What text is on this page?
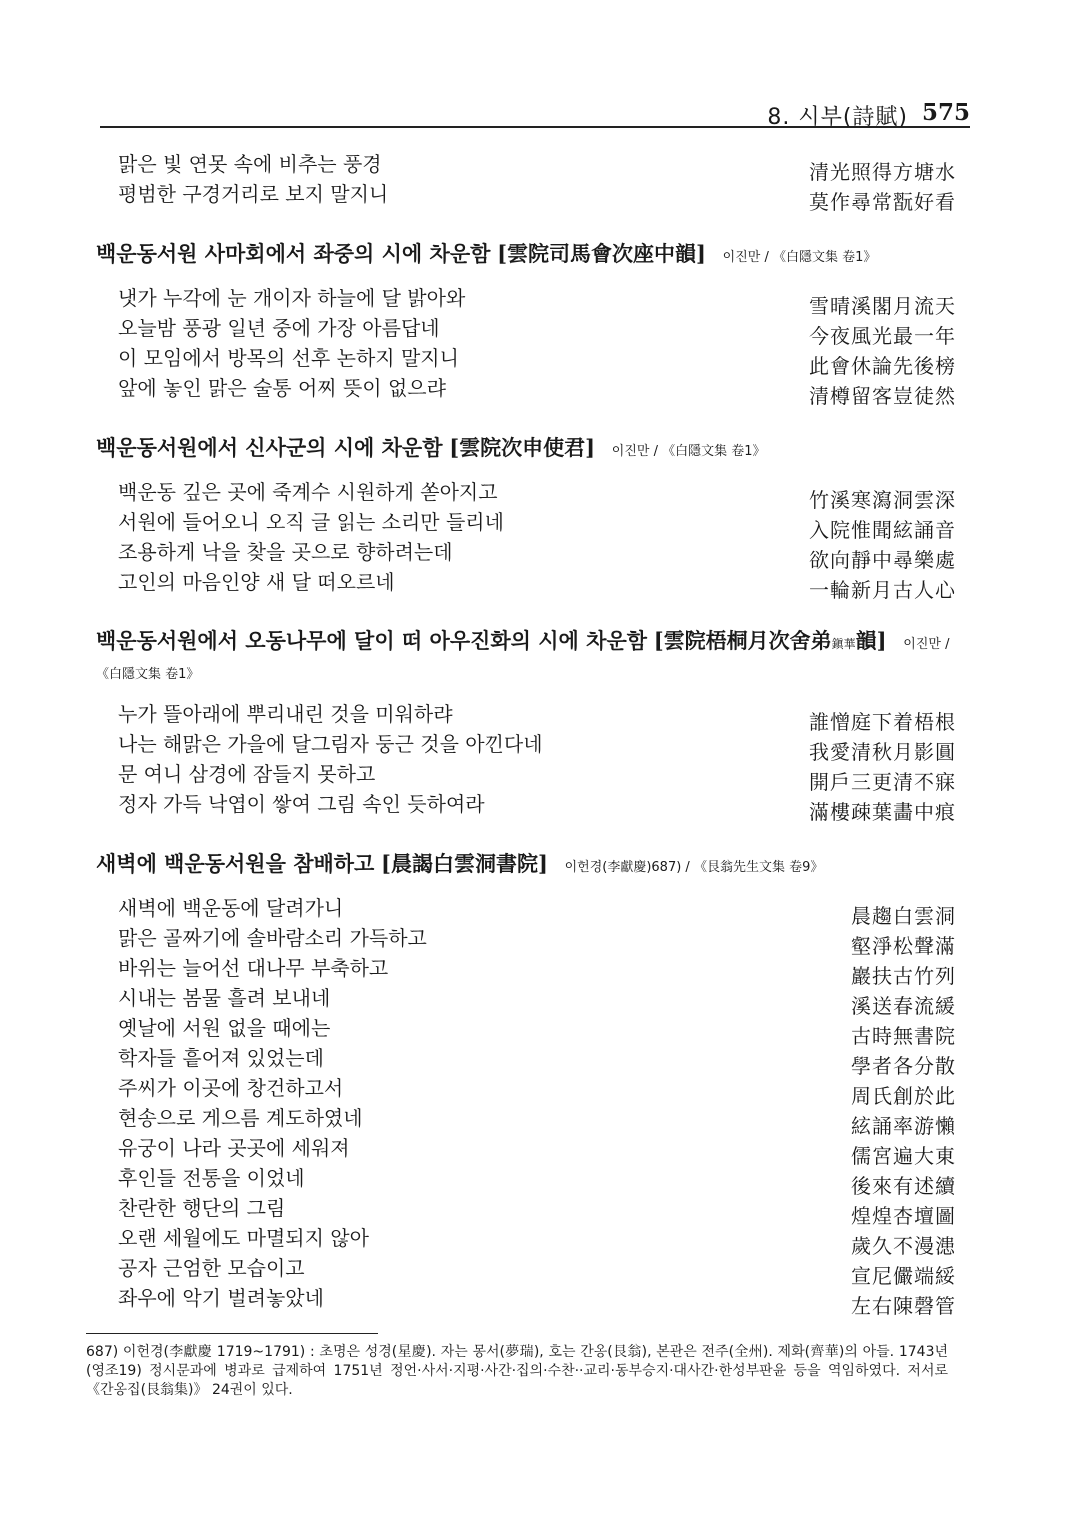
8. 시부(詩賦) 575
맑은 빛 연못 속에 비추는 풍경	清光照得方塘水
평범한 구경거리로 보지 말지니	莫作尋常翫好看
백운동서원 사마회에서 좌중의 시에 차운함 [雲院司馬會次座中韻] 이진만 / 《白隱文集 卷1》
냇가 누각에 눈 개이자 하늘에 달 밝아와	雪晴溪閣月流天
오늘밤 풍광 일년 중에 가장 아름답네	今夜風光最一年
이 모임에서 방목의 선후 논하지 말지니	此會休論先後榜
앞에 놓인 맑은 술통 어찌 뜻이 없으랴	清樽留客豈徒然
백운동서원에서 신사군의 시에 차운함 [雲院次申使君] 이진만 / 《白隱文集 卷1》
백운동 깊은 곳에 죽계수 시원하게 쏟아지고	竹溪寒瀉洞雲深
서원에 들어오니 오직 글 읽는 소리만 들리네	入院惟聞絃誦音
조용하게 낙을 찾을 곳으로 향하려는데	欲向靜中尋樂處
고인의 마음인양 새 달 떠오르네	一輪新月古人心
백운동서원에서 오동나무에 달이 떠 아우진화의 시에 차운함 [雲院梧桐月次舍弟鎭華韻] 이진만 / 《白隱文集 卷1》
누가 뜰아래에 뿌리내린 것을 미워하랴	誰憎庭下着梧根
나는 해맑은 가을에 달그림자 둥근 것을 아낀다네	我愛清秋月影圓
문 여니 삼경에 잠들지 못하고	開戶三更清不寐
정자 가득 낙엽이 쌓여 그림 속인 듯하여라	滿樓疎葉畵中痕
새벽에 백운동서원을 참배하고 [晨謁白雲洞書院] 이헌경(李獻慶)687) / 《艮翁先生文集 卷9》
새벽에 백운동에 달려가니	晨趨白雲洞
맑은 골짜기에 솔바람소리 가득하고	壑淨松聲滿
바위는 늘어선 대나무 부축하고	巖扶古竹列
시내는 봄물 흘려 보내네	溪送春流緩
옛날에 서원 없을 때에는	古時無書院
학자들 흩어져 있었는데	學者各分散
주씨가 이곳에 창건하고서	周氏創於此
현송으로 게으름 계도하였네	絃誦率游懶
유궁이 나라 곳곳에 세워져	儒宮遍大東
후인들 전통을 이었네	後來有述續
찬란한 행단의 그림	煌煌杏壇圖
오랜 세월에도 마멸되지 않아	歲久不漫漶
공자 근엄한 모습이고	宣尼儼端綏
좌우에 악기 벌려놓았네	左右陳磬管
687) 이헌경(李獻慶 1719~1791) : 초명은 성경(星慶). 자는 몽서(夢瑞), 호는 간옹(艮翁), 본관은 전주(全州). 제화(齊華)의 아들. 1743년(영조19) 정시문과에 병과로 급제하여 1751년 정언·사서·지평·사간·집의·수찬··교리·동부승지·대사간·한성부판윤 등을 역임하였다. 저서로 《간옹집(艮翁集)》 24권이 있다.
